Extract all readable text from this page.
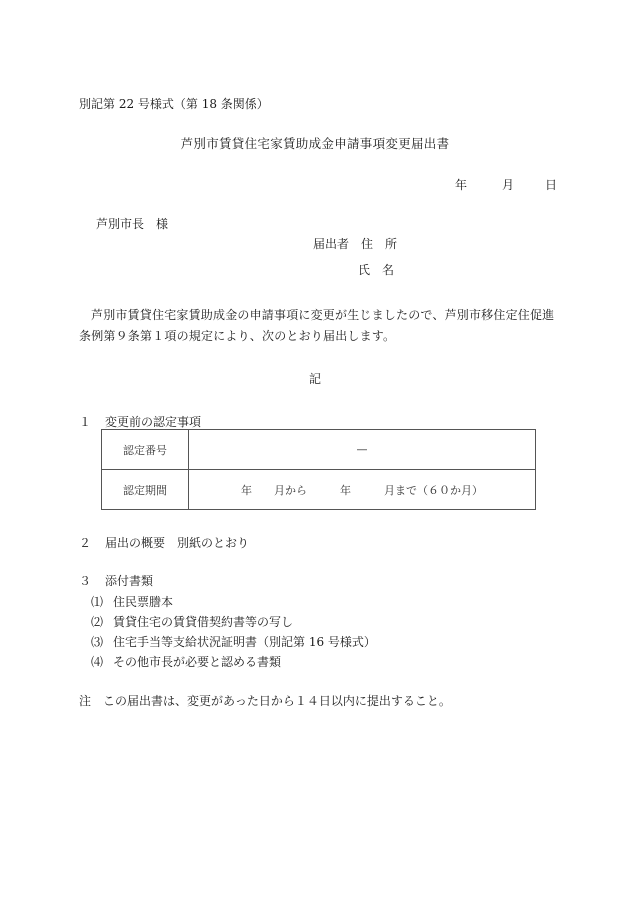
別記第 22 号様式（第 18 条関係）
芦別市賃貸住宅家賃助成金申請事項変更届出書
年	月	日
芦別市長　様
届出者　住　所
氏　名
芦別市賃貸住宅家賃助成金の申請事項に変更が生じましたので、芦別市移住定住促進条例第９条第１項の規定により、次のとおり届出します。
記
１ 変更前の認定事項
認定番号	—
認定期間	年　　月から　　　年　　　月まで（６０か月）
２ 届出の概要　別紙のとおり
３ 添付書類
⑴ 住民票謄本
⑵ 賃貸住宅の賃貸借契約書等の写し
⑶ 住宅手当等支給状況証明書（別記第 16 号様式）
⑷ その他市長が必要と認める書類
注　この届出書は、変更があった日から１４日以内に提出すること。
